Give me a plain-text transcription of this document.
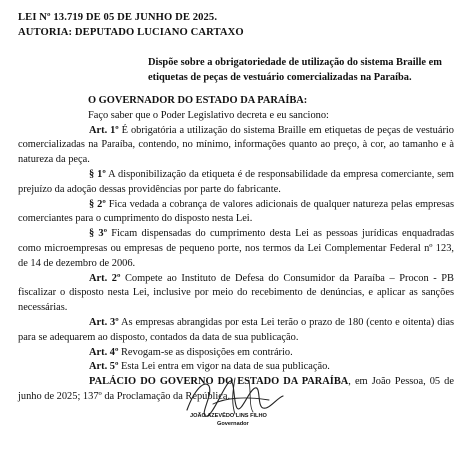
LEI Nº 13.719 DE 05 DE JUNHO DE 2025.
AUTORIA: DEPUTADO LUCIANO CARTAXO
Dispõe sobre a obrigatoriedade de utilização do sistema Braille em etiquetas de peças de vestuário comercializadas na Paraíba.

O GOVERNADOR DO ESTADO DA PARAÍBA:

Faço saber que o Poder Legislativo decreta e eu sanciono:

Art. 1º É obrigatória a utilização do sistema Braille em etiquetas de peças de vestuário comercializadas na Paraíba, contendo, no mínimo, informações quanto ao preço, à cor, ao tamanho e à natureza da peça.

§ 1º A disponibilização da etiqueta é de responsabilidade da empresa comerciante, sem prejuízo da adoção dessas providências por parte do fabricante.

§ 2º Fica vedada a cobrança de valores adicionais de qualquer natureza pelas empresas comerciantes para o cumprimento do disposto nesta Lei.

§ 3º Ficam dispensadas do cumprimento desta Lei as pessoas jurídicas enquadradas como microempresas ou empresas de pequeno porte, nos termos da Lei Complementar Federal nº 123, de 14 de dezembro de 2006.

Art. 2º Compete ao Instituto de Defesa do Consumidor da Paraíba – Procon - PB fiscalizar o disposto nesta Lei, inclusive por meio do recebimento de denúncias, e aplicar as sanções necessárias.

Art. 3º As empresas abrangidas por esta Lei terão o prazo de 180 (cento e oitenta) dias para se adequarem ao disposto, contados da data de sua publicação.

Art. 4º Revogam-se as disposições em contrário.

Art. 5º Esta Lei entra em vigor na data de sua publicação.

PALÁCIO DO GOVERNO DO ESTADO DA PARAÍBA, em João Pessoa, 05 de junho de 2025; 137º da Proclamação da República.

JOÃO AZEVÊDO LINS FILHO
Governador
